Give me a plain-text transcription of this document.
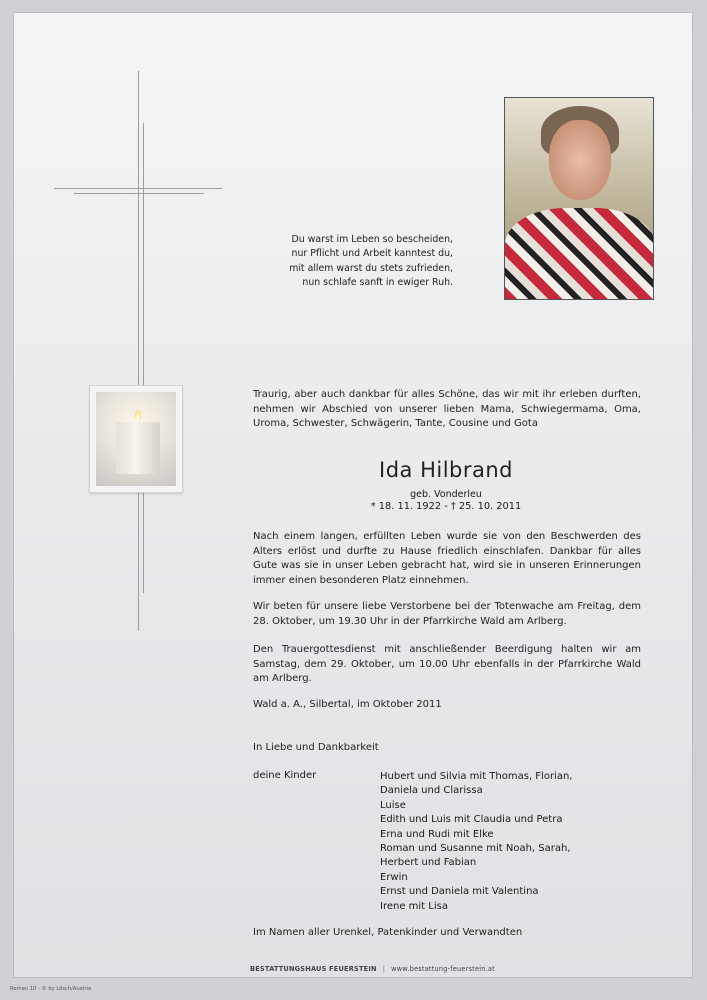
Du warst im Leben so bescheiden,
nur Pflicht und Arbeit kanntest du,
mit allem warst du stets zufrieden,
nun schlafe sanft in ewiger Ruh.
Traurig, aber auch dankbar für alles Schöne, das wir mit ihr erleben durften, nehmen wir Abschied von unserer lieben Mama, Schwiegermama, Oma, Uroma, Schwester, Schwägerin, Tante, Cousine und Gota
Ida Hilbrand
geb. Vonderleu
* 18. 11. 1922 - † 25. 10. 2011
Nach einem langen, erfüllten Leben wurde sie von den Beschwerden des Alters erlöst und durfte zu Hause friedlich einschlafen. Dankbar für alles Gute was sie in unser Leben gebracht hat, wird sie in unseren Erinnerungen immer einen besonderen Platz einnehmen.
Wir beten für unsere liebe Verstorbene bei der Totenwache am Freitag, dem 28. Oktober, um 19.30 Uhr in der Pfarrkirche Wald am Arlberg.
Den Trauergottesdienst mit anschließender Beerdigung halten wir am Samstag, dem 29. Oktober, um 10.00 Uhr ebenfalls in der Pfarrkirche Wald am Arlberg.
Wald a. A., Silbertal, im Oktober 2011
In Liebe und Dankbarkeit
deine Kinder	Hubert und Silvia mit Thomas, Florian,
Daniela und Clarissa
Luise
Edith und Luis mit Claudia und Petra
Erna und Rudi mit Elke
Roman und Susanne mit Noah, Sarah,
Herbert und Fabian
Erwin
Ernst und Daniela mit Valentina
Irene mit Lisa
Im Namen aller Urenkel, Patenkinder und Verwandten
BESTATTUNGSHAUS FEUERSTEIN | www.bestattung-feuerstein.at
Roman 10 - © by Lösch/Austria
